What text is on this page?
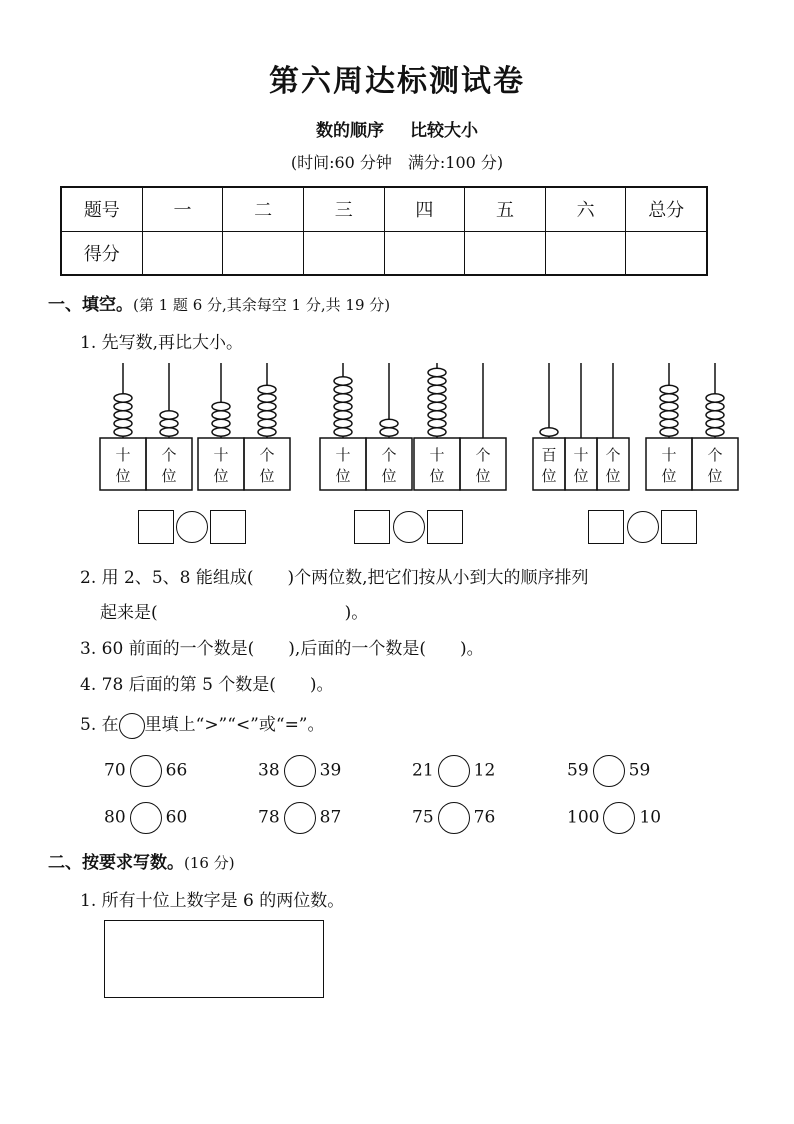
第六周达标测试卷
数的顺序 比较大小
(时间:60 分钟　满分:100 分)
题号	一	二	三	四	五	六	总分
得分							
一、填空。(第 1 题 6 分,其余每空 1 分,共 19 分)
1. 先写数,再比大小。
十
位
个
位
十
位
个
位
十
位
个
位
十
位
个
位
百
位
十
位
个
位
十
位
个
位
2. 用 2、5、8 能组成(　　)个两位数,把它们按从小到大的顺序排列
起来是(　　　　　　　　　　　)。
3. 60 前面的一个数是(　　),后面的一个数是(　　)。
4. 78 后面的第 5 个数是(　　)。
5. 在 里填上“>”“<”或“=”。
70 66	38 39	21 12	59 59
80 60	78 87	75 76	100 10
二、按要求写数。(16 分)
1. 所有十位上数字是 6 的两位数。
